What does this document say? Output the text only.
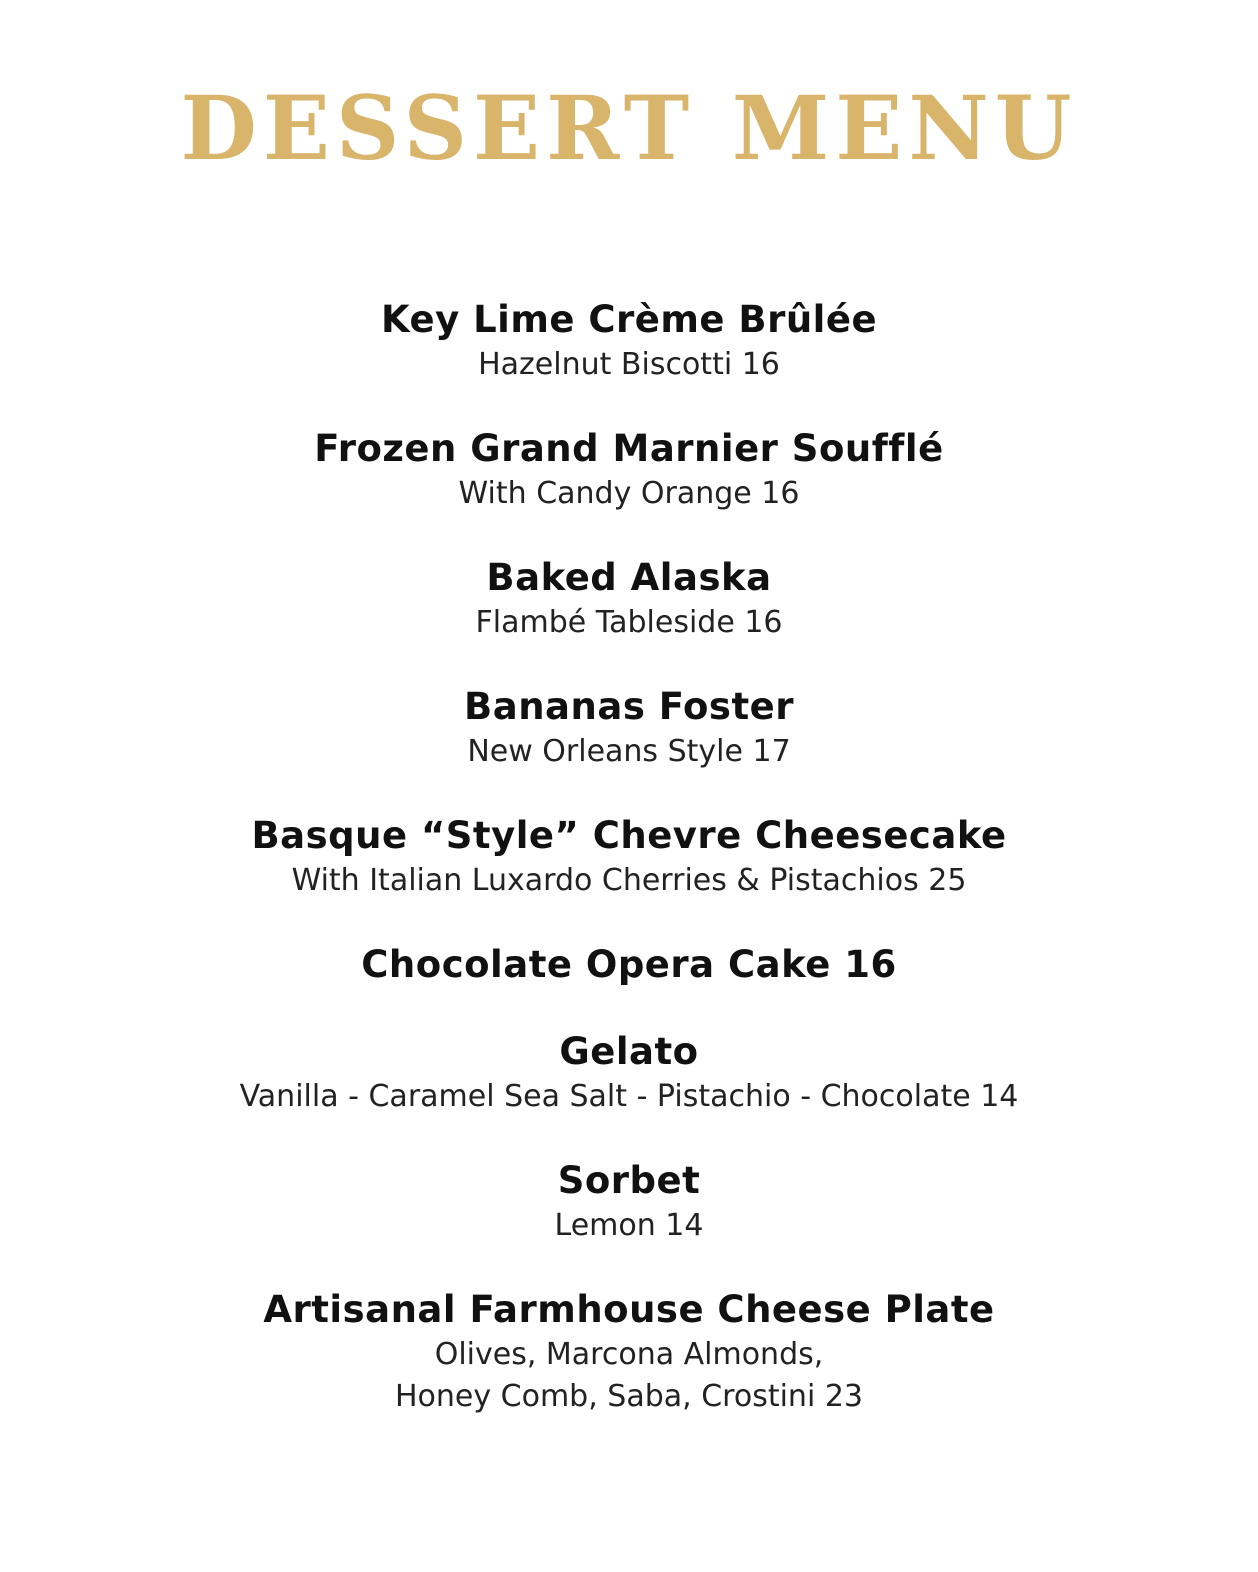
DESSERT MENU
Key Lime Crème Brûlée
Hazelnut Biscotti 16
Frozen Grand Marnier Soufflé
With Candy Orange 16
Baked Alaska
Flambé Tableside 16
Bananas Foster
New Orleans Style 17
Basque “Style” Chevre Cheesecake
With Italian Luxardo Cherries & Pistachios 25
Chocolate Opera Cake 16
Gelato
Vanilla - Caramel Sea Salt - Pistachio - Chocolate 14
Sorbet
Lemon 14
Artisanal Farmhouse Cheese Plate
Olives, Marcona Almonds,
Honey Comb, Saba, Crostini 23
